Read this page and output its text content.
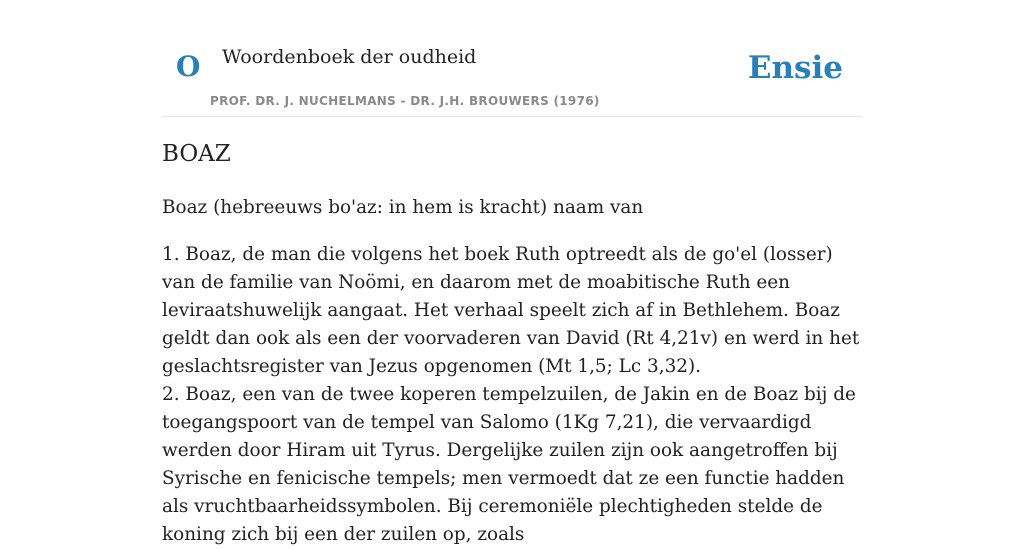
O Woordenboek der oudheid
PROF. DR. J. NUCHELMANS - DR. J.H. BROUWERS (1976)
Ensie
BOAZ

Boaz (hebreeuws bo'az: in hem is kracht) naam van

1. Boaz, de man die volgens het boek Ruth optreedt als de go'el (losser) van de familie van Noömi, en daarom met de moabitische Ruth een leviraatshuwelijk aangaat. Het verhaal speelt zich af in Bethlehem. Boaz geldt dan ook als een der voorvaderen van David (Rt 4,21v) en werd in het geslachtsregister van Jezus opgenomen (Mt 1,5; Lc 3,32).

2. Boaz, een van de twee koperen tempelzuilen, de Jakin en de Boaz bij de toegangspoort van de tempel van Salomo (1Kg 7,21), die vervaardigd werden door Hiram uit Tyrus. Dergelijke zuilen zijn ook aangetroffen bij Syrische en fenicische tempels; men vermoedt dat ze een functie hadden als vruchtbaarheidssymbolen. Bij ceremoniële plechtigheden stelde de koning zich bij een der zuilen op, zoals
